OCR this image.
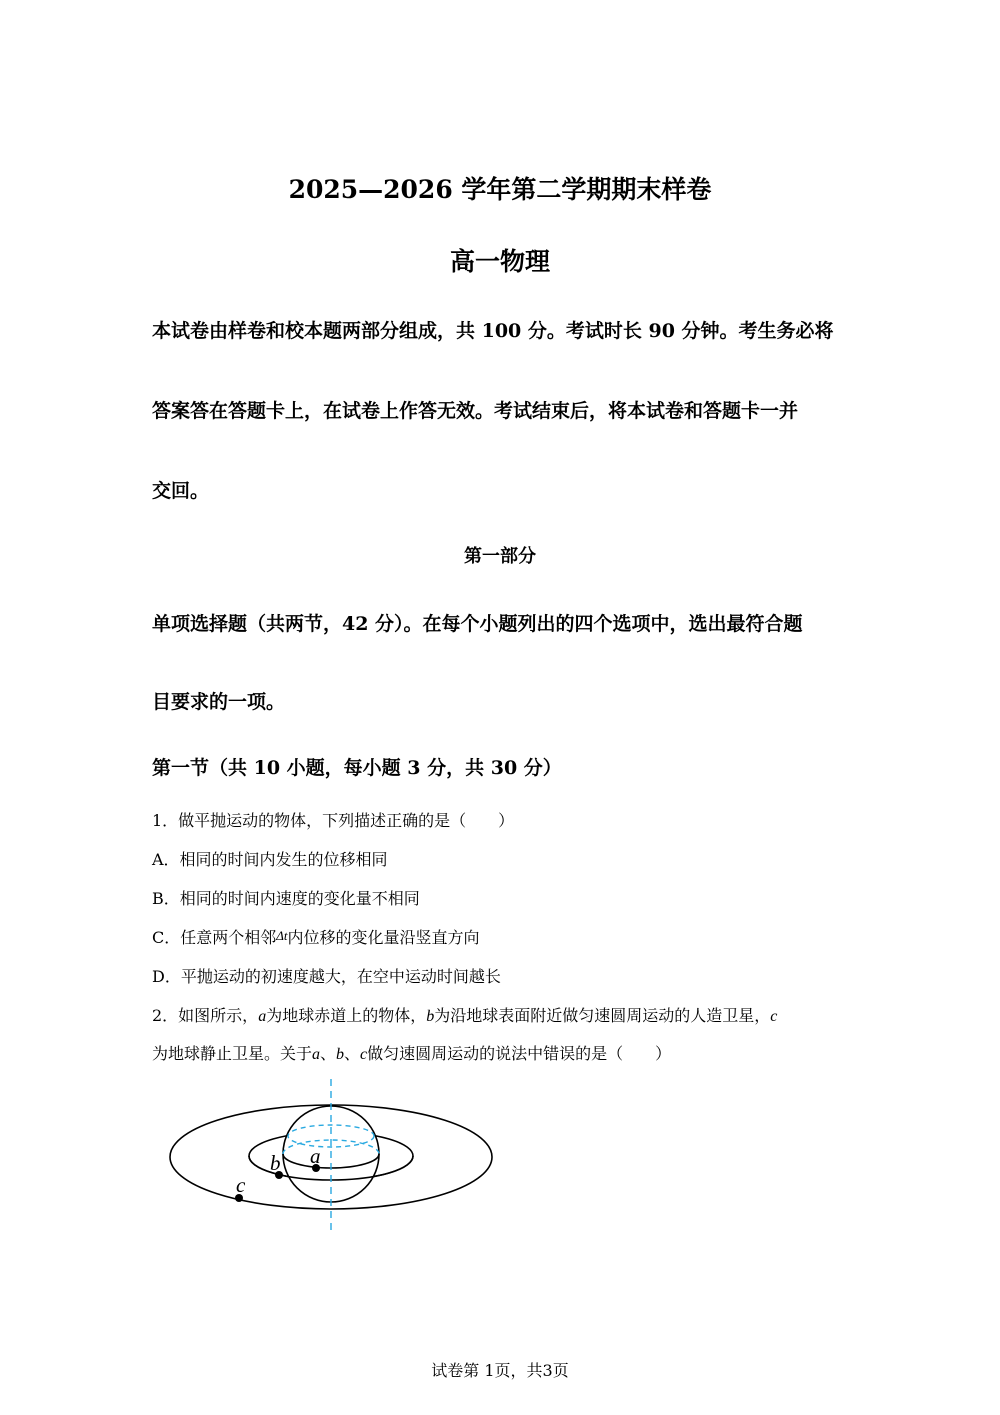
2025—2026 学年第二学期期末样卷
高一物理
本试卷由样卷和校本题两部分组成，共 100 分。考试时长 90 分钟。考生务必将
答案答在答题卡上，在试卷上作答无效。考试结束后，将本试卷和答题卡一并
交回。
第一部分
单项选择题（共两节，42 分）。在每个小题列出的四个选项中，选出最符合题
目要求的一项。
第一节（共 10 小题，每小题 3 分，共 30 分）
1．做平抛运动的物体，下列描述正确的是（　　）
A．相同的时间内发生的位移相同
B．相同的时间内速度的变化量不相同
C．任意两个相邻Δt内位移的变化量沿竖直方向
D．平抛运动的初速度越大，在空中运动时间越长
2．如图所示，a为地球赤道上的物体，b为沿地球表面附近做匀速圆周运动的人造卫星，c
为地球静止卫星。关于a、b、c做匀速圆周运动的说法中错误的是（　　）
a
b
c
试卷第 1页，共3页
